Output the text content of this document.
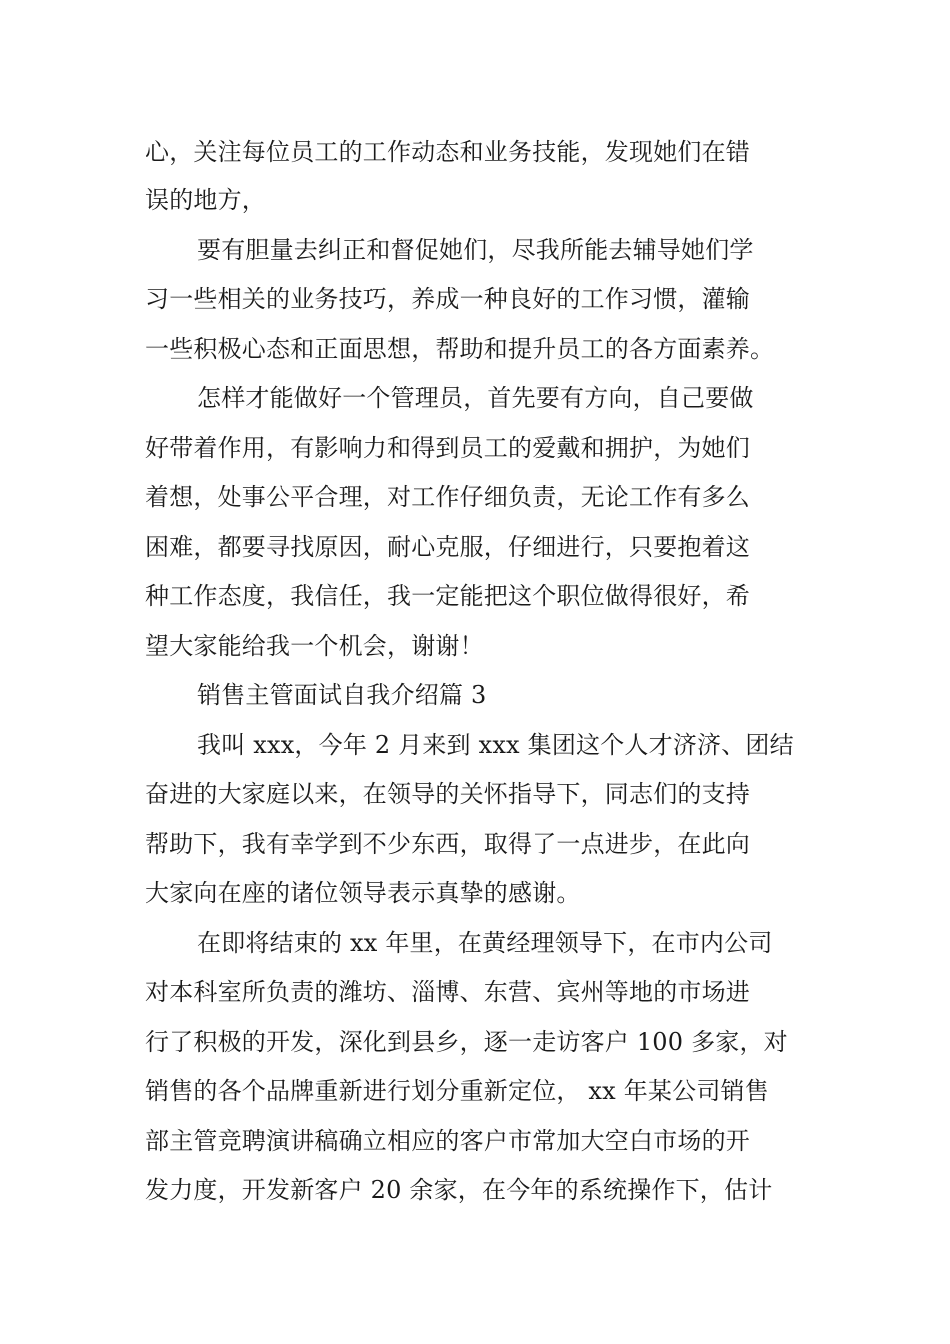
心，关注每位员工的工作动态和业务技能，发现她们在错

误的地方，

要有胆量去纠正和督促她们，尽我所能去辅导她们学

习一些相关的业务技巧，养成一种良好的工作习惯，灌输

一些积极心态和正面思想，帮助和提升员工的各方面素养。

怎样才能做好一个管理员，首先要有方向，自己要做

好带着作用，有影响力和得到员工的爱戴和拥护，为她们

着想，处事公平合理，对工作仔细负责，无论工作有多么

困难，都要寻找原因，耐心克服，仔细进行，只要抱着这

种工作态度，我信任，我一定能把这个职位做得很好，希

望大家能给我一个机会，谢谢！

销售主管面试自我介绍篇 3

我叫 xxx，今年 2 月来到 xxx 集团这个人才济济、团结

奋进的大家庭以来，在领导的关怀指导下，同志们的支持

帮助下，我有幸学到不少东西，取得了一点进步，在此向

大家向在座的诸位领导表示真挚的感谢。

在即将结束的 xx 年里，在黄经理领导下，在市内公司

对本科室所负责的潍坊、淄博、东营、宾州等地的市场进

行了积极的开发，深化到县乡，逐一走访客户 100 多家，对

销售的各个品牌重新进行划分重新定位， xx 年某公司销售

部主管竞聘演讲稿确立相应的客户市常加大空白市场的开

发力度，开发新客户 20 余家，在今年的系统操作下，估计
